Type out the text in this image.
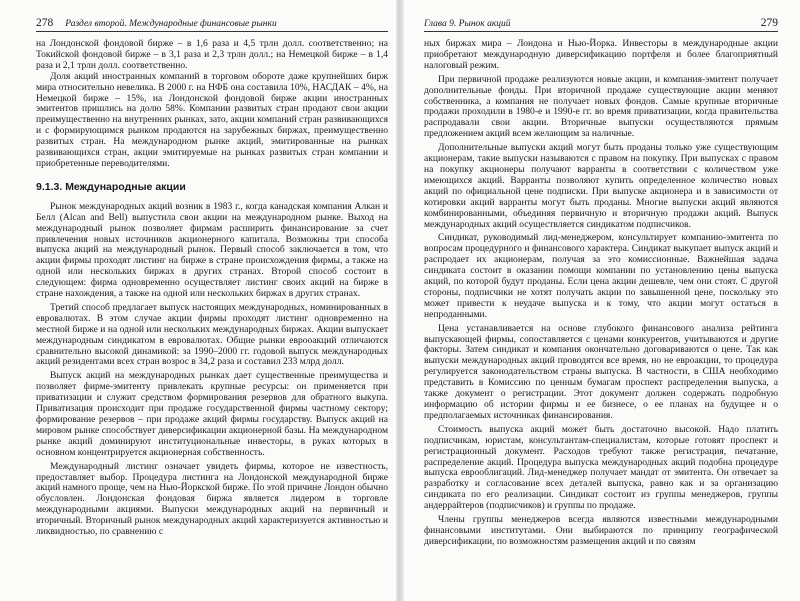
278 Раздел второй. Международные финансовые рынки

на Лондонской фондовой бирже – в 1,6 раза и 4,5 трлн долл. соответственно; на Токийской фондовой бирже – в 3,1 раза и 2,3 трлн долл.; на Немецкой бирже – в 1,4 раза и 2,1 трлн долл. соответственно.

Доля акций иностранных компаний в торговом обороте даже крупнейших бирж мира относительно невелика. В 2000 г. на НФБ она составила 10%, НАСДАК – 4%, на Немецкой бирже – 15%, на Лондонской фондовой бирже акции иностранных эмитентов пришлись на долю 58%. Компании развитых стран продают свои акции преимущественно на внутренних рынках, зато, акции компаний стран развивающихся и с формирующимся рынком продаются на зарубежных биржах, преимущественно развитых стран. На международном рынке акций, эмитированные на рынках развивающихся стран, акции эмитируемые на рынках развитых стран компании и приобретенные переводителями.

9.1.3. Международные акции

Рынок международных акций возник в 1983 г., когда канадская компания Алкан и Белл (Alcan and Bell) выпустила свои акции на международном рынке. Выход на международный рынок позволяет фирмам расширить финансирование за счет привлечения новых источников акционерного капитала. Возможны три способа выпуска акций на международный рынок. Первый способ заключается в том, что акции фирмы проходят листинг на бирже в стране происхождения фирмы, а также на одной или нескольких биржах в других странах. Второй способ состоит в следующем: фирма одновременно осуществляет листинг своих акций на бирже в стране нахождения, а также на одной или нескольких биржах в других странах.

Третий способ предлагает выпуск настоящих международных, номинированных в евровалютах. В этом случае акции фирмы проходят листинг одновременно на местной бирже и на одной или нескольких международных биржах. Акции выпускает международным синдикатом в евровалютах. Общие рынки еврооакций отличаются сравнительно высокой динамикой: за 1990–2000 гг. годовой выпуск международных акций резидентами всех стран возрос в 34,2 раза и составил 233 млрд долл.

Выпуск акций на международных рынках дает существенные преимущества и позволяет фирме-эмитенту привлекать крупные ресурсы: он применяется при приватизации и служит средством формирования резервов для обратного выкупа. Приватизация происходит при продаже государственной фирмы частному сектору; формирование резервов – при продаже акций фирмы государству. Выпуск акций на мировом рынке способствует диверсификации акционерной базы. На международном рынке акций доминируют институциональные инвесторы, в руках которых в основном концентрируется акционерная собственность.

Международный листинг означает увидеть фирмы, которое не известность, предоставляет выбор. Процедура листинга на Лондонской международной бирже акций намного проще, чем на Нью-Йоркской бирже. По этой причине Лондон обычно обусловлен. Лондонская фондовая биржа является лидером в торговле международными акциями. Выпуски международных акций на первичный и вторичный. Вторичный рынок международных акций характеризуется активностью и ликвидностью, по сравнению с

Глава 9. Рынок акций	279

ных биржах мира – Лондона и Нью-Йорка. Инвесторы в международные акции приобретают международную диверсификацию портфеля и более благоприятный налоговый режим.

При первичной продаже реализуются новые акции, и компания-эмитент получает дополнительные фонды. При вторичной продаже существующие акции меняют собственника, а компания не получает новых фондов. Самые крупные вторичные продажи проходили в 1980-е и 1990-е гг. во время приватизации, когда правительства распродавали свои акции. Вторичные выпуски осуществляются прямым предложением акций всем желающим за наличные.

Дополнительные выпуски акций могут быть проданы только уже существующим акционерам, такие выпуски называются с правом на покупку. При выпусках с правом на покупку акционеры получают варранты в соответствии с количеством уже имеющихся акций. Варранты позволяют купить определенное количество новых акций по официальной цене подписки. При выпуске акционера и в зависимости от котировки акций варранты могут быть проданы. Многие выпуски акций являются комбинированными, объединяя первичную и вторичную продажи акций. Выпуск международных акций осуществляется синдикатом подписчиков.

Синдикат, руководимый лид-менеджером, консультирует компанию-эмитента по вопросам процедурного и финансового характера. Синдикат выкупает выпуск акций и распродает их акционерам, получая за это комиссионные. Важнейшая задача синдиката состоит в оказании помощи компании по установлению цены выпуска акций, по которой будут проданы. Если цена акции дешевле, чем они стоят. С другой стороны, подписчики не хотят получать акции по завышенной цене, поскольку это может привести к неудаче выпуска и к тому, что акции могут остаться в непроданными.

Цена устанавливается на основе глубокого финансового анализа рейтинга выпускающей фирмы, сопоставляется с ценами конкурентов, учитываются и другие факторы. Затем синдикат и компания окончательно договариваются о цене. Так как выпуски международных акций проводятся все время, но не евроакции, то процедура регулируется законодательством страны выпуска. В частности, в США необходимо представить в Комиссию по ценным бумагам проспект распределения выпуска, а также документ о регистрации. Этот документ должен содержать подробную информацию об истории фирмы и ее бизнесе, о ее планах на будущее и о предполагаемых источниках финансирования.

Стоимость выпуска акций может быть достаточно высокой. Надо платить подписчикам, юристам, консультантам-специалистам, которые готовят проспект и регистрационный документ. Расходов требуют также регистрация, печатание, распределение акций. Процедура выпуска международных акций подобна процедуре выпуска еврооблигаций. Лид-менеджер получает мандат от эмитента. Он отвечает за разработку и согласование всех деталей выпуска, равно как и за организацию синдиката по его реализации. Синдикат состоит из группы менеджеров, группы андеррайтеров (подписчиков) и группы по продаже.

Члены группы менеджеров всегда являются известными международными финансовыми институтами. Они выбираются по принципу географической диверсификации, по возможностям размещения акций и по связям
